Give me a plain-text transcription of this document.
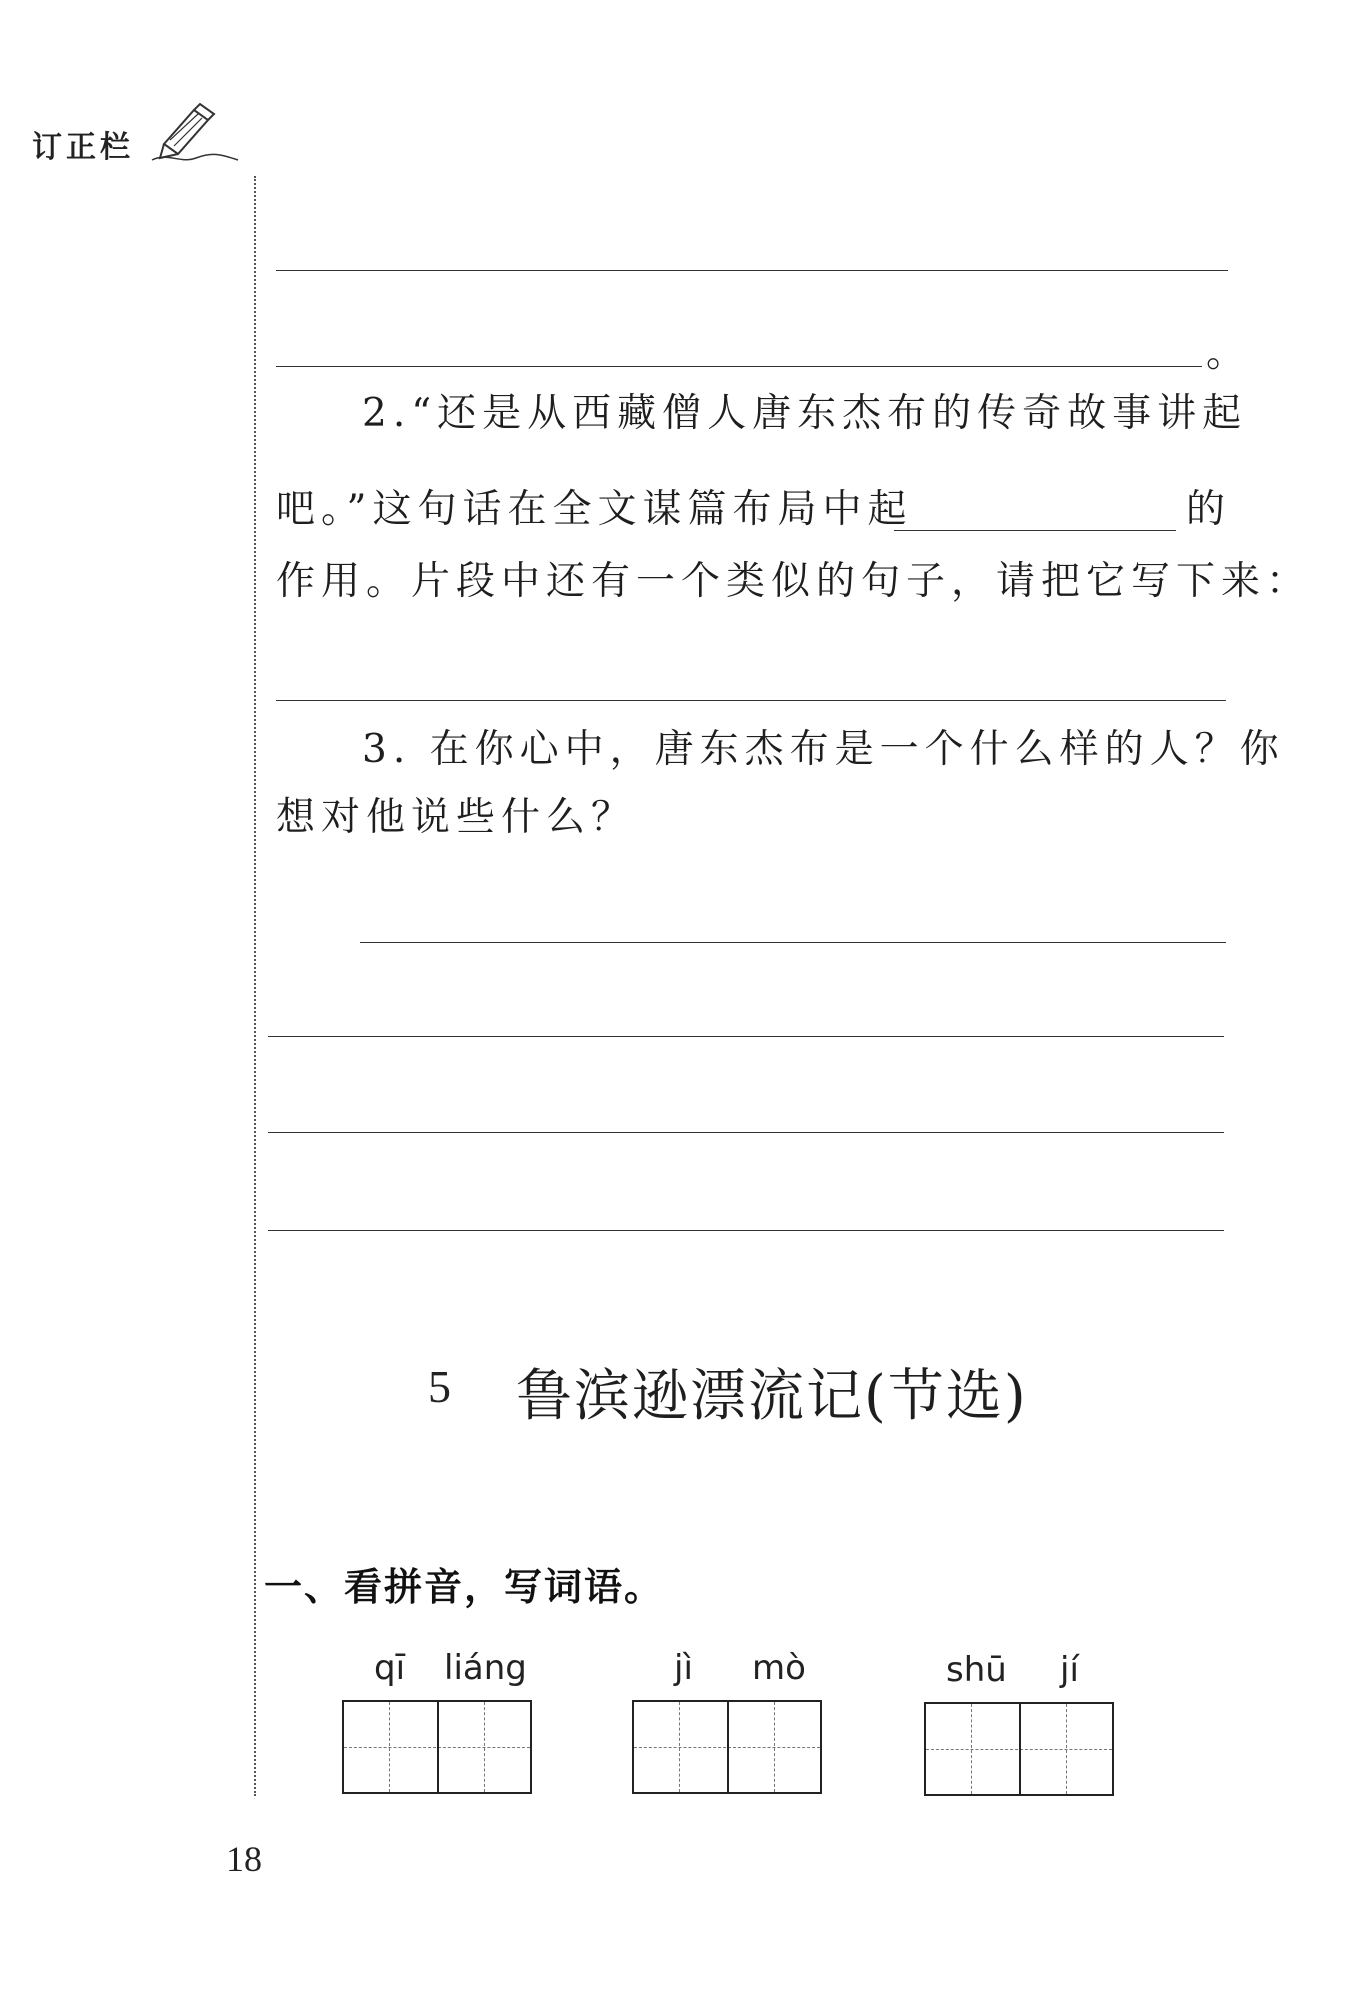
订正栏
。
2.“还是从西藏僧人唐东杰布的传奇故事讲起
吧。”这句话在全文谋篇布局中起	的
作用。片段中还有一个类似的句子，请把它写下来：
3. 在你心中，唐东杰布是一个什么样的人？你
想对他说些什么？
5 鲁滨逊漂流记(节选)
一、看拼音，写词语。
qī liáng	jì mò	shū jí
18
